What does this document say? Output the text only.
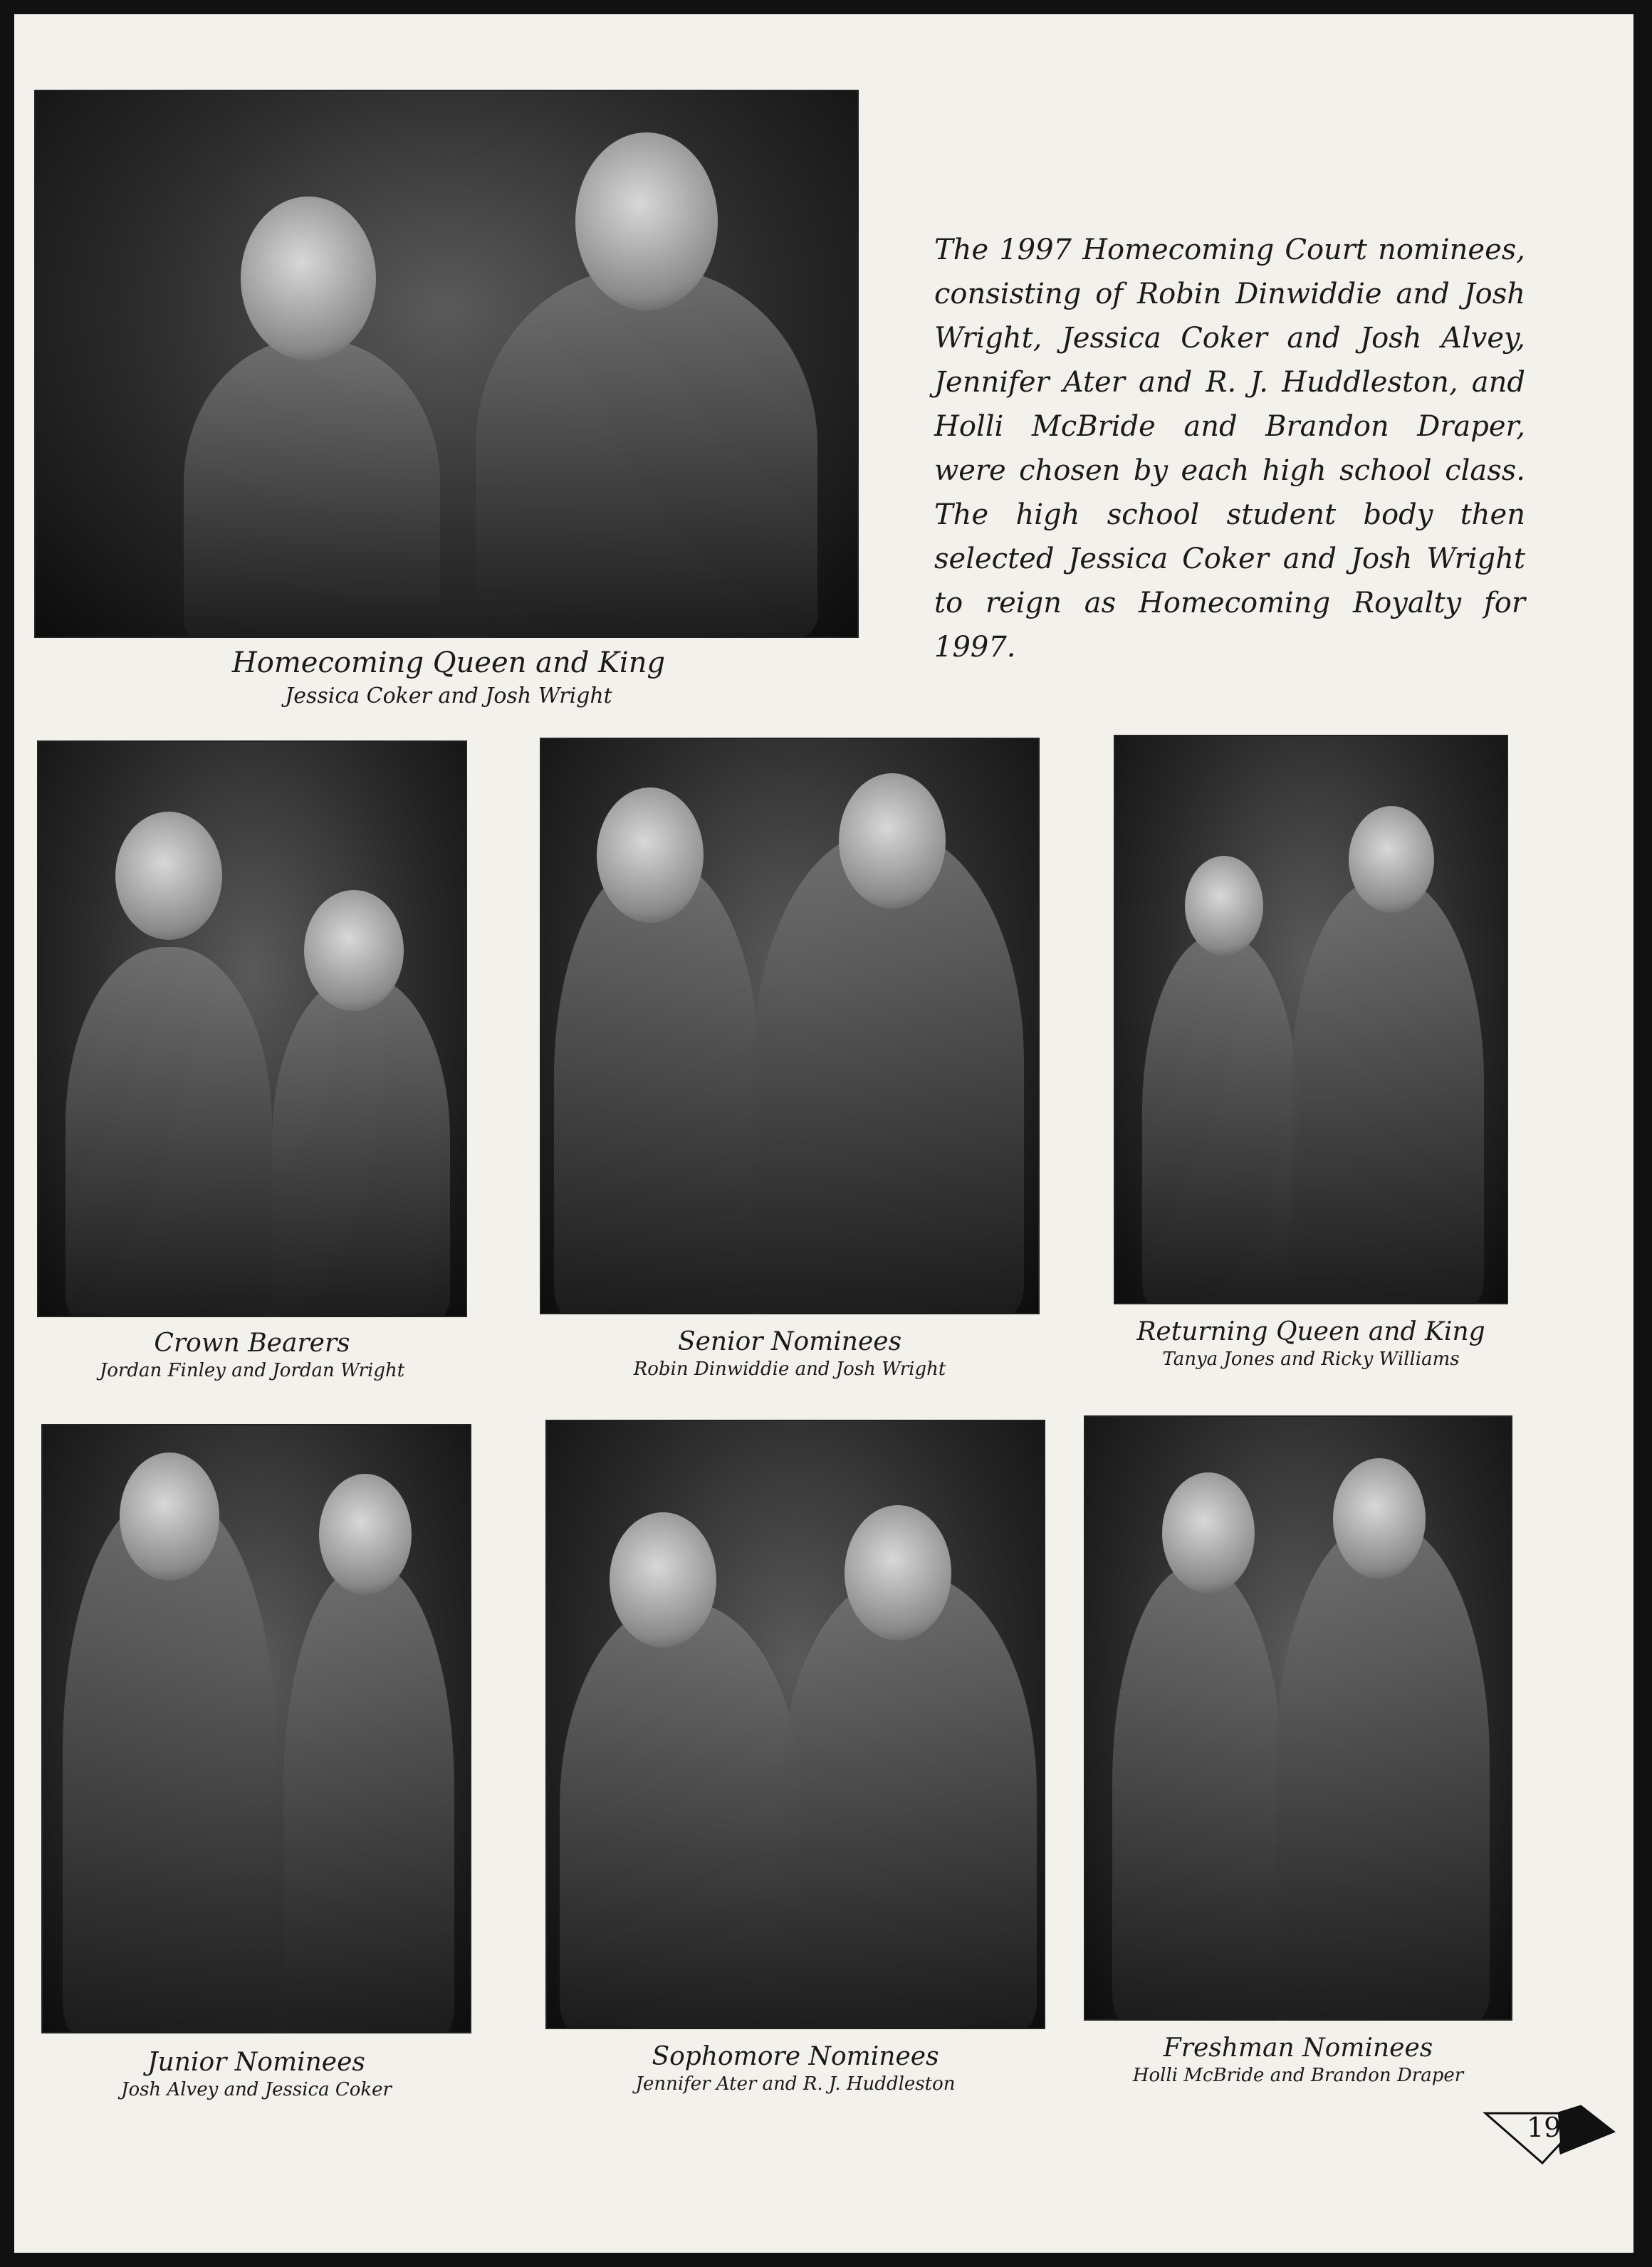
Homecoming Queen and King
Jessica Coker and Josh Wright
The 1997 Homecoming Court nominees, consisting of Robin Dinwiddie and Josh Wright, Jessica Coker and Josh Alvey, Jennifer Ater and R. J. Huddleston, and Holli McBride and Brandon Draper, were chosen by each high school class. The high school student body then selected Jessica Coker and Josh Wright to reign as Homecoming Royalty for 1997.
Crown Bearers
Jordan Finley and Jordan Wright
Senior Nominees
Robin Dinwiddie and Josh Wright
Returning Queen and King
Tanya Jones and Ricky Williams
Junior Nominees
Josh Alvey and Jessica Coker
Sophomore Nominees
Jennifer Ater and R. J. Huddleston
Freshman Nominees
Holli McBride and Brandon Draper
19
